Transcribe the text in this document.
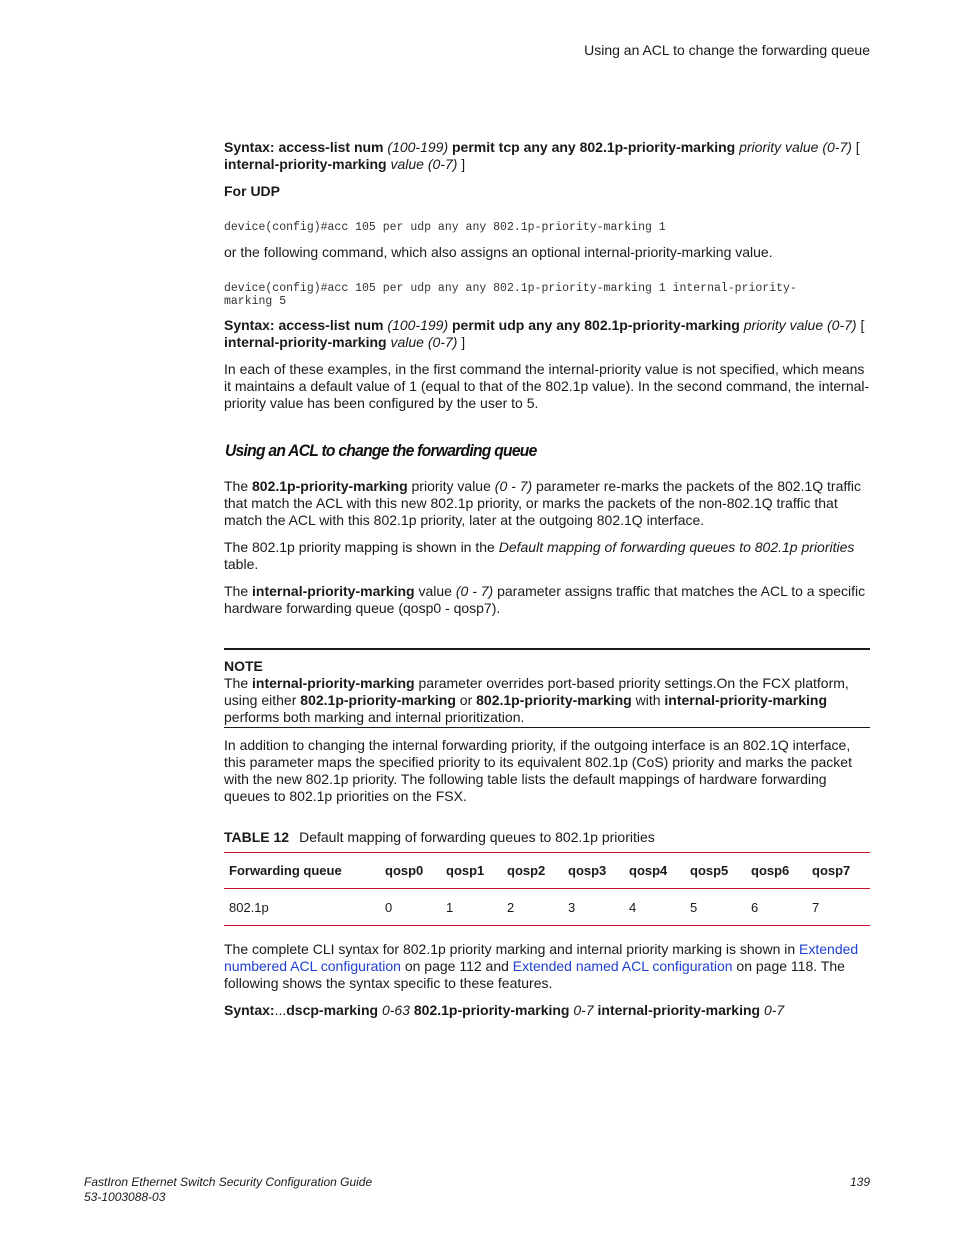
Using an ACL to change the forwarding queue

Syntax: access-list num (100-199) permit tcp any any 802.1p-priority-marking priority value (0-7) [
internal-priority-marking value (0-7) ]

For UDP

device(config)#acc 105 per udp any any 802.1p-priority-marking 1

or the following command, which also assigns an optional internal-priority-marking value.

device(config)#acc 105 per udp any any 802.1p-priority-marking 1 internal-priority-
marking 5

Syntax: access-list num (100-199) permit udp any any 802.1p-priority-marking priority value (0-7) [
internal-priority-marking value (0-7) ]

In each of these examples, in the first command the internal-priority value is not specified, which means it maintains a default value of 1 (equal to that of the 802.1p value). In the second command, the internal-priority value has been configured by the user to 5.

Using an ACL to change the forwarding queue

The 802.1p-priority-marking priority value (0 - 7) parameter re-marks the packets of the 802.1Q traffic that match the ACL with this new 802.1p priority, or marks the packets of the non-802.1Q traffic that match the ACL with this 802.1p priority, later at the outgoing 802.1Q interface.

The 802.1p priority mapping is shown in the Default mapping of forwarding queues to 802.1p priorities table.

The internal-priority-marking value (0 - 7) parameter assigns traffic that matches the ACL to a specific hardware forwarding queue (qosp0 - qosp7).

NOTE

The internal-priority-marking parameter overrides port-based priority settings.On the FCX platform, using either 802.1p-priority-marking or 802.1p-priority-marking with internal-priority-marking performs both marking and internal prioritization.

In addition to changing the internal forwarding priority, if the outgoing interface is an 802.1Q interface, this parameter maps the specified priority to its equivalent 802.1p (CoS) priority and marks the packet with the new 802.1p priority. The following table lists the default mappings of hardware forwarding queues to 802.1p priorities on the FSX.

TABLE 12 Default mapping of forwarding queues to 802.1p priorities
Forwarding queue	qosp0	qosp1	qosp2	qosp3	qosp4	qosp5	qosp6	qosp7
802.1p	0	1	2	3	4	5	6	7

The complete CLI syntax for 802.1p priority marking and internal priority marking is shown in Extended numbered ACL configuration on page 112 and Extended named ACL configuration on page 118. The following shows the syntax specific to these features.

Syntax:...dscp-marking 0-63 802.1p-priority-marking 0-7 internal-priority-marking 0-7

FastIron Ethernet Switch Security Configuration Guide
53-1003088-03
139
